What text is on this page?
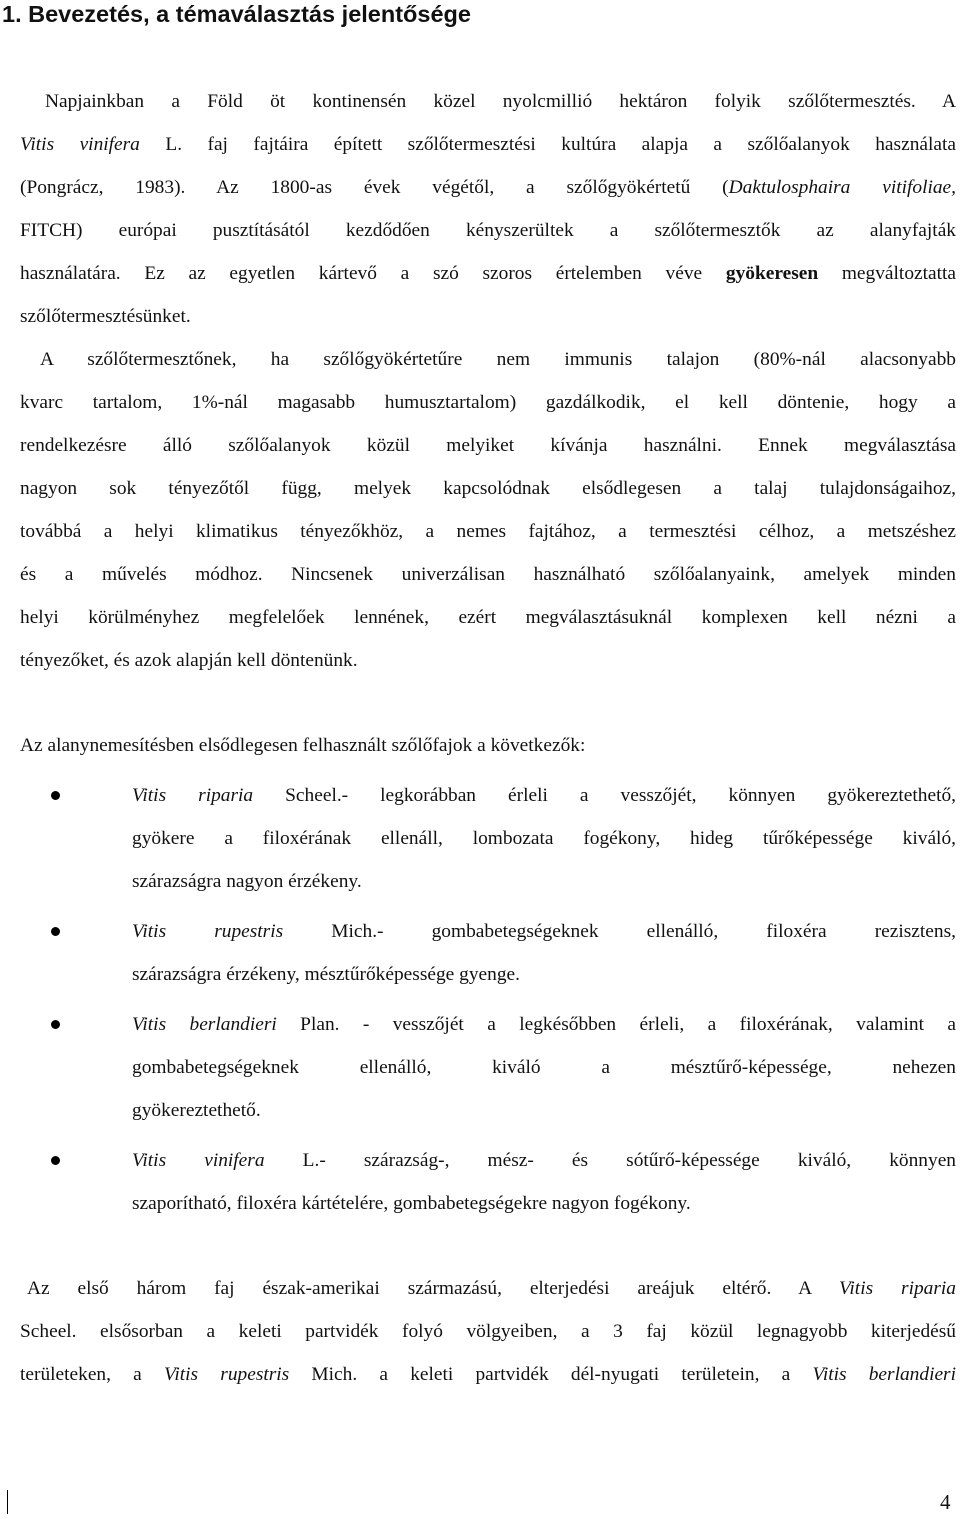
1. Bevezetés, a témaválasztás jelentősége
Napjainkban a Föld öt kontinensén közel nyolcmillió hektáron folyik szőlőtermesztés. A
Vitis vinifera L. faj fajtáira épített szőlőtermesztési kultúra alapja a szőlőalanyok használata
(Pongrácz, 1983). Az 1800-as évek végétől, a szőlőgyökértetű (Daktulosphaira vitifoliae,
FITCH) európai pusztításától kezdődően kényszerültek a szőlőtermesztők az alanyfajták
használatára. Ez az egyetlen kártevő a szó szoros értelemben véve gyökeresen megváltoztatta
szőlőtermesztésünket.
A szőlőtermesztőnek, ha szőlőgyökértetűre nem immunis talajon (80%-nál alacsonyabb
kvarc tartalom, 1%-nál magasabb humusztartalom) gazdálkodik, el kell döntenie, hogy a
rendelkezésre álló szőlőalanyok közül melyiket kívánja használni. Ennek megválasztása
nagyon sok tényezőtől függ, melyek kapcsolódnak elsődlegesen a talaj tulajdonságaihoz,
továbbá a helyi klimatikus tényezőkhöz, a nemes fajtához, a termesztési célhoz, a metszéshez
és a művelés módhoz. Nincsenek univerzálisan használható szőlőalanyaink, amelyek minden
helyi körülményhez megfelelőek lennének, ezért megválasztásuknál komplexen kell nézni a
tényezőket, és azok alapján kell döntenünk.
Az alanynemesítésben elsődlegesen felhasznált szőlőfajok a következők:
Vitis riparia Scheel.- legkorábban érleli a vesszőjét, könnyen gyökereztethető,
gyökere a filoxérának ellenáll, lombozata fogékony, hideg tűrőképessége kiváló,
szárazságra nagyon érzékeny.
Vitis rupestris Mich.- gombabetegségeknek ellenálló, filoxéra rezisztens,
szárazságra érzékeny, mésztűrőképessége gyenge.
Vitis berlandieri Plan. - vesszőjét a legkésőbben érleli, a filoxérának, valamint a
gombabetegségeknek ellenálló, kiváló a mésztűrő-képessége, nehezen
gyökereztethető.
Vitis vinifera L.- szárazság-, mész- és sótűrő-képessége kiváló, könnyen
szaporítható, filoxéra kártételére, gombabetegségekre nagyon fogékony.
Az első három faj észak-amerikai származású, elterjedési areájuk eltérő. A Vitis riparia
Scheel. elsősorban a keleti partvidék folyó völgyeiben, a 3 faj közül legnagyobb kiterjedésű
területeken, a Vitis rupestris Mich. a keleti partvidék dél-nyugati területein, a Vitis berlandieri
4
